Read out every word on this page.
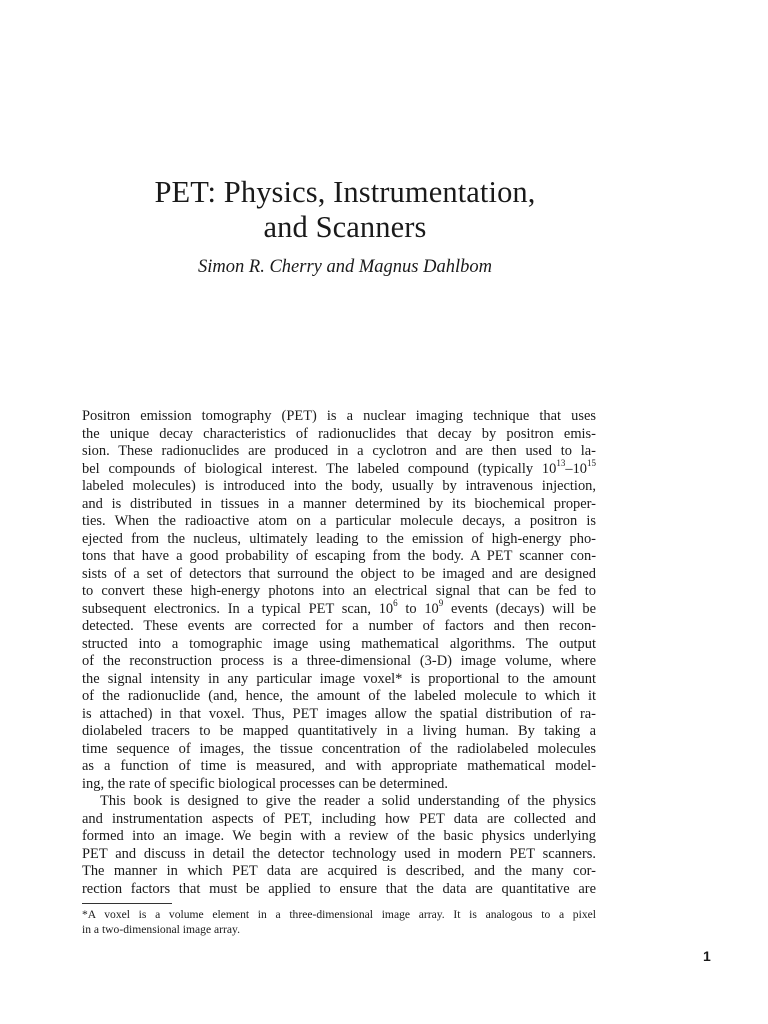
PET: Physics, Instrumentation,
and Scanners
Simon R. Cherry and Magnus Dahlbom
Positron emission tomography (PET) is a nuclear imaging technique that uses
the unique decay characteristics of radionuclides that decay by positron emis-
sion. These radionuclides are produced in a cyclotron and are then used to la-
bel compounds of biological interest. The labeled compound (typically $10^{13}-10^{15}$
labeled molecules) is introduced into the body, usually by intravenous injection,
and is distributed in tissues in a manner determined by its biochemical proper-
ties. When the radioactive atom on a particular molecule decays, a positron is
ejected from the nucleus, ultimately leading to the emission of high-energy pho-
tons that have a good probability of escaping from the body. A PET scanner con-
sists of a set of detectors that surround the object to be imaged and are designed
to convert these high-energy photons into an electrical signal that can be fed to
subsequent electronics. In a typical PET scan, $10^6$ to $10^9$ events (decays) will be
detected. These events are corrected for a number of factors and then recon-
structed into a tomographic image using mathematical algorithms. The output
of the reconstruction process is a three-dimensional (3-D) image volume, where
the signal intensity in any particular image voxel* is proportional to the amount
of the radionuclide (and, hence, the amount of the labeled molecule to which it
is attached) in that voxel. Thus, PET images allow the spatial distribution of ra-
diolabeled tracers to be mapped quantitatively in a living human. By taking a
time sequence of images, the tissue concentration of the radiolabeled molecules
as a function of time is measured, and with appropriate mathematical model-
ing, the rate of specific biological processes can be determined.
This book is designed to give the reader a solid understanding of the physics
and instrumentation aspects of PET, including how PET data are collected and
formed into an image. We begin with a review of the basic physics underlying
PET and discuss in detail the detector technology used in modern PET scanners.
The manner in which PET data are acquired is described, and the many cor-
rection factors that must be applied to ensure that the data are quantitative are
*A voxel is a volume element in a three-dimensional image array. It is analogous to a pixel
in a two-dimensional image array.
1
